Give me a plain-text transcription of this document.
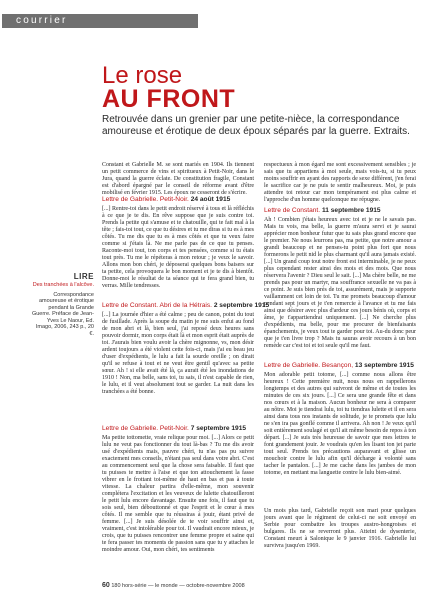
courrier
Le rose
AU FRONT

Retrouvée dans un grenier par une petite-nièce, la correspondance amoureuse et érotique de deux époux séparés par la guerre. Extraits.

Constant et Gabrielle M. se sont mariés en 1904. Ils tiennent un petit commerce de vins et spiritueux à Petit-Noir, dans le Jura, quand la guerre éclate. De constitution fragile, Constant est d'abord épargné par le conseil de réforme avant d'être mobilisé en février 1915. Les époux ne cesseront de s'écrire.

Lettre de Gabrielle. Petit-Noir. 24 août 1915

[...] Rentre-toi dans le petit endroit réservé à tous et là réfléchis à ce que je te dis. En rêve suppose que je suis contre toi. Prends la petite qui s'amuse et te chatouille, qui te fait mal à la tête ; fais-toi tout, ce que tu désires et tu me diras si tu es à mes côtés. Tu me dis que tu es à mes côtés et que tu veux faire comme si j'étais là. Ne me parle pas de ce que tu penses. Raconte-moi tout, ton corps et tes pensées, comme si tu étais tout près. Tu me le répéteras à mon retour ; je veux le savoir. Allons mon bon chéri, je déposerai quelques bons baisers sur ta petite, cela provoquera le bon moment et je te dis à bientôt. Donne-moi le résultat de ta séance qui te fera grand bien, tu verras. Mille tendresses.

Lettre de Constant. Abri de la Hétrais. 2 septembre 1915

[...] La journée d'hier a été calme ; peu de canon, point du tout de fusillade. Après la soupe du matin je me suis enfui au fond de mon abri et là, bien seul, j'ai reposé deux heures sans pouvoir dormir, mon corps était là et mon esprit était auprès de toi. J'aurais bien voulu avoir la chère mignonne, vs, mon désir ardent toujours a été violent cette fois-ci, mais j'ai eu beau jeu d'user d'expédients, le lulu a fait la sourde oreille ; on dirait qu'il se refuse à tout et ne veut être gentil qu'avec sa petite sœur. Ah ! si elle avait été là, ça aurait été les inondations de 1910 ! Non, ma belle, sans toi, tu sais, il n'est capable de rien, le lulu, et il veut absolument tout se garder. La nuit dans les tranchées a été bonne.

Lettre de Gabrielle. Petit-Noir. 7 septembre 1915

Ma petite tottomette, vraie relique pour moi. [...] Alors ce petit lulu ne veut pas fonctionner du tout là-bas ? Tu me dis avoir usé d'expédients mais, pauvre chéri, tu n'as pas pu suivre exactement mes conseils, n'étant pas seul dans votre abri. C'est au commencement seul que la chose sera faisable. Il faut que tu puisses te mettre à l'aise et que ton attouchement la fasse vibrer en le frottant toi-même de haut en bas et pas à toute vitesse. La chaleur partira d'elle-même, mon souvenir complétera l'excitation et les veuveux de lulette chatouilleront le petit lulu encore davantage. Ensuite une fois, il faut que tu sois seul, bien débouttonné et que l'esprit et le cœur à mes côtés. Il me semble que tu réussiras à jouir, étant privé de femme. [...] Je suis désolée de te voir souffrir ainsi et, vraiment, c'est intolérable pour toi. Il vaudrait encore mieux, je crois, que tu puisses rencontrer une femme propre et saine qui te fera passer tes moments de passion sans que tu y attaches le moindre amour. Oui, mon chéri, tes sentiments

respectueux à mon égard me sont excessivement sensibles ; je sais que tu appartiens à moi seule, mais vois-tu, si tu peux moins souffrir en ayant des rapports de sexe différent, j'en ferai le sacrifice car je ne puis te sentir malheureux. Moi, je puis attendre toi retour car mon tempérament est plus calme et l'approche d'un homme quelconque me répugne.

Lettre de Constant. 11 septembre 1915

Ah ! Combien j'étais heureux avec toi et je ne le savais pas. Mais tu vois, ma belle, la guerre m'aura servi et je saurai apprécier mon bonheur futur que tu sais plus grand encore que le premier. Ne nous leurrons pas, ma petite, que notre amour a grandi beaucoup et ne penses-tu point plus fort que nous formerons le petit nid le plus charmant qu'il aura jamais existé. [...] Un grand coup tout notre front est interminable, je ne peux plus cependant rester ainsi des mois et des mois. Que nous réservera l'avenir ? Dieu seul le sait. [...] Ma chère belle, ne me prends pas pour un martyr, ma souffrance sexuelle ne va pas à ce point. Je suis bien près de toi, assurément, mais je supporte vaillamment cet loin de toi. Tu me promets beaucoup d'amour pendant sept jours et je t'en remercie à l'avance et tu me fais ainsi que désirer avec plus d'ardeur ces jours bénis où, corps et âme, je t'appartiendrai uniquement. [...] Ne cherche plus d'expédients, ma belle, pour me procurer de bienfaisants épanchements, je veux tout te garder pour toi. Au-du donc peur que je t'en livre trop ? Mais tu sauras avoir recours à un bon remède car c'est toi et toi seule qu'il me faut.

Lettre de Gabrielle. Besançon, 13 septembre 1915

Mon adorable petit totome, [...] comme nous allons être heureux ! Cette première nuit, nous nous en rappellerons longtemps et des autres qui suivront de même et de toutes les minutes de ces six jours. [...] Ce sera une grande fête et dans nos cœurs et à la maison. Aucun bonheur ne sera à comparer au nôtre. Moi je tiendrai lulu, toi tu tiendras lulette et il en sera ainsi dans tous nos instants de solitude, je te promets que lulu ne s'en ira pas gonflé comme il arrivera. Ah non ! Je veux qu'il soit entièrement soulagé et qu'il ait même besoin de repos à ton départ. [...] Je suis très heureuse de savoir que mes lettres te font grandement jouir. Je voudrais qu'en les lisant ton jet parte tout seul. Prends tes précautions auparavant et glisse un mouchoir contre le lulu afin qu'il décharge à volonté sans tacher le pantalon. [...] Je me cache dans les jambes de mon totome, en mettant ma languette contre le lulu bien-aimé.

Un mois plus tard, Gabrielle reçoit son mari pour quelques jours avant que le régiment de celui-ci ne soit envoyé en Serbie pour combattre les troupes austro-hongroises et bulgares. Ils ne se reverront plus. Atteint de dysenterie, Constant meurt à Salonique le 9 janvier 1916. Gabrielle lui survivra jusqu'en 1969.

LIRE
Des tranchées à l'alcôve.
Correspondance amoureuse et érotique pendant la Grande Guerre. Préface de Jean-Yves Le Naour, Ed. Imago, 2006, 243 p., 20 €.
60 180 hors-série — le monde — octobre-novembre 2008
